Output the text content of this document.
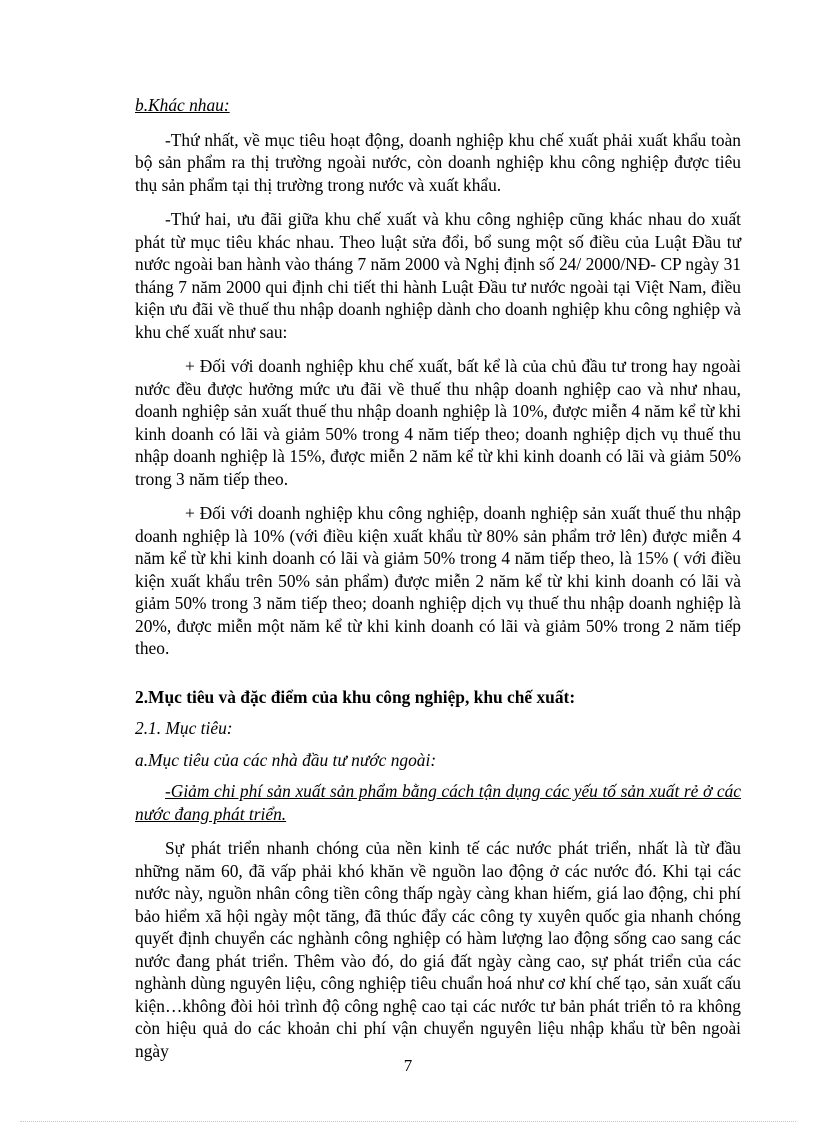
b.Khác nhau:

-Thứ nhất, về mục tiêu hoạt động, doanh nghiệp khu chế xuất phải xuất khẩu toàn bộ sản phẩm ra thị trường ngoài nước, còn doanh nghiệp khu công nghiệp được tiêu thụ sản phẩm tại thị trường trong nước và xuất khẩu.

-Thứ hai, ưu đãi giữa khu chế xuất và khu công nghiệp cũng khác nhau do xuất phát từ mục tiêu khác nhau. Theo luật sửa đổi, bổ sung một số điều của Luật Đầu tư nước ngoài ban hành vào tháng 7 năm 2000 và Nghị định số 24/ 2000/NĐ- CP ngày 31 tháng 7 năm 2000 qui định chi tiết thi hành Luật Đầu tư nước ngoài tại Việt Nam, điều kiện ưu đãi về thuế thu nhập doanh nghiệp dành cho doanh nghiệp khu công nghiệp và khu chế xuất như sau:

+ Đối với doanh nghiệp khu chế xuất, bất kể là của chủ đầu tư trong hay ngoài nước đều được hưởng mức ưu đãi về thuế thu nhập doanh nghiệp cao và như nhau, doanh nghiệp sản xuất thuế thu nhập doanh nghiệp là 10%, được miễn 4 năm kể từ khi kinh doanh có lãi và giảm 50% trong 4 năm tiếp theo; doanh nghiệp dịch vụ thuế thu nhập doanh nghiệp là 15%, được miễn 2 năm kể từ khi kinh doanh có lãi và giảm 50% trong 3 năm tiếp theo.

+ Đối với doanh nghiệp khu công nghiệp, doanh nghiệp sản xuất thuế thu nhập doanh nghiệp là 10% (với điều kiện xuất khẩu từ 80% sản phẩm trở lên) được miễn 4 năm kể từ khi kinh doanh có lãi và giảm 50% trong 4 năm tiếp theo, là 15% ( với điều kiện xuất khẩu trên 50% sản phẩm) được miễn 2 năm kể từ khi kinh doanh có lãi và giảm 50% trong 3 năm tiếp theo; doanh nghiệp dịch vụ thuế thu nhập doanh nghiệp là 20%, được miễn một năm kể từ khi kinh doanh có lãi và giảm 50% trong 2 năm tiếp theo.

2.Mục tiêu và đặc điểm của khu công nghiệp, khu chế xuất:

2.1. Mục tiêu:

a.Mục tiêu của các nhà đầu tư nước ngoài:

-Giảm chi phí sản xuất sản phẩm bằng cách tận dụng các yếu tố sản xuất rẻ ở các nước đang phát triển.

Sự phát triển nhanh chóng của nền kinh tế các nước phát triển, nhất là từ đầu những năm 60, đã vấp phải khó khăn về nguồn lao động ở các nước đó. Khi tại các nước này, nguồn nhân công tiền công thấp ngày càng khan hiếm, giá lao động, chi phí bảo hiểm xã hội ngày một tăng, đã thúc đẩy các công ty xuyên quốc gia nhanh chóng quyết định chuyển các nghành công nghiệp có hàm lượng lao động sống cao sang các nước đang phát triển. Thêm vào đó, do giá đất ngày càng cao, sự phát triển của các nghành dùng nguyên liệu, công nghiệp tiêu chuẩn hoá như cơ khí chế tạo, sản xuất cấu kiện…không đòi hỏi trình độ công nghệ cao tại các nước tư bản phát triển tỏ ra không còn hiệu quả do các khoản chi phí vận chuyển nguyên liệu nhập khẩu từ bên ngoài ngày

7
